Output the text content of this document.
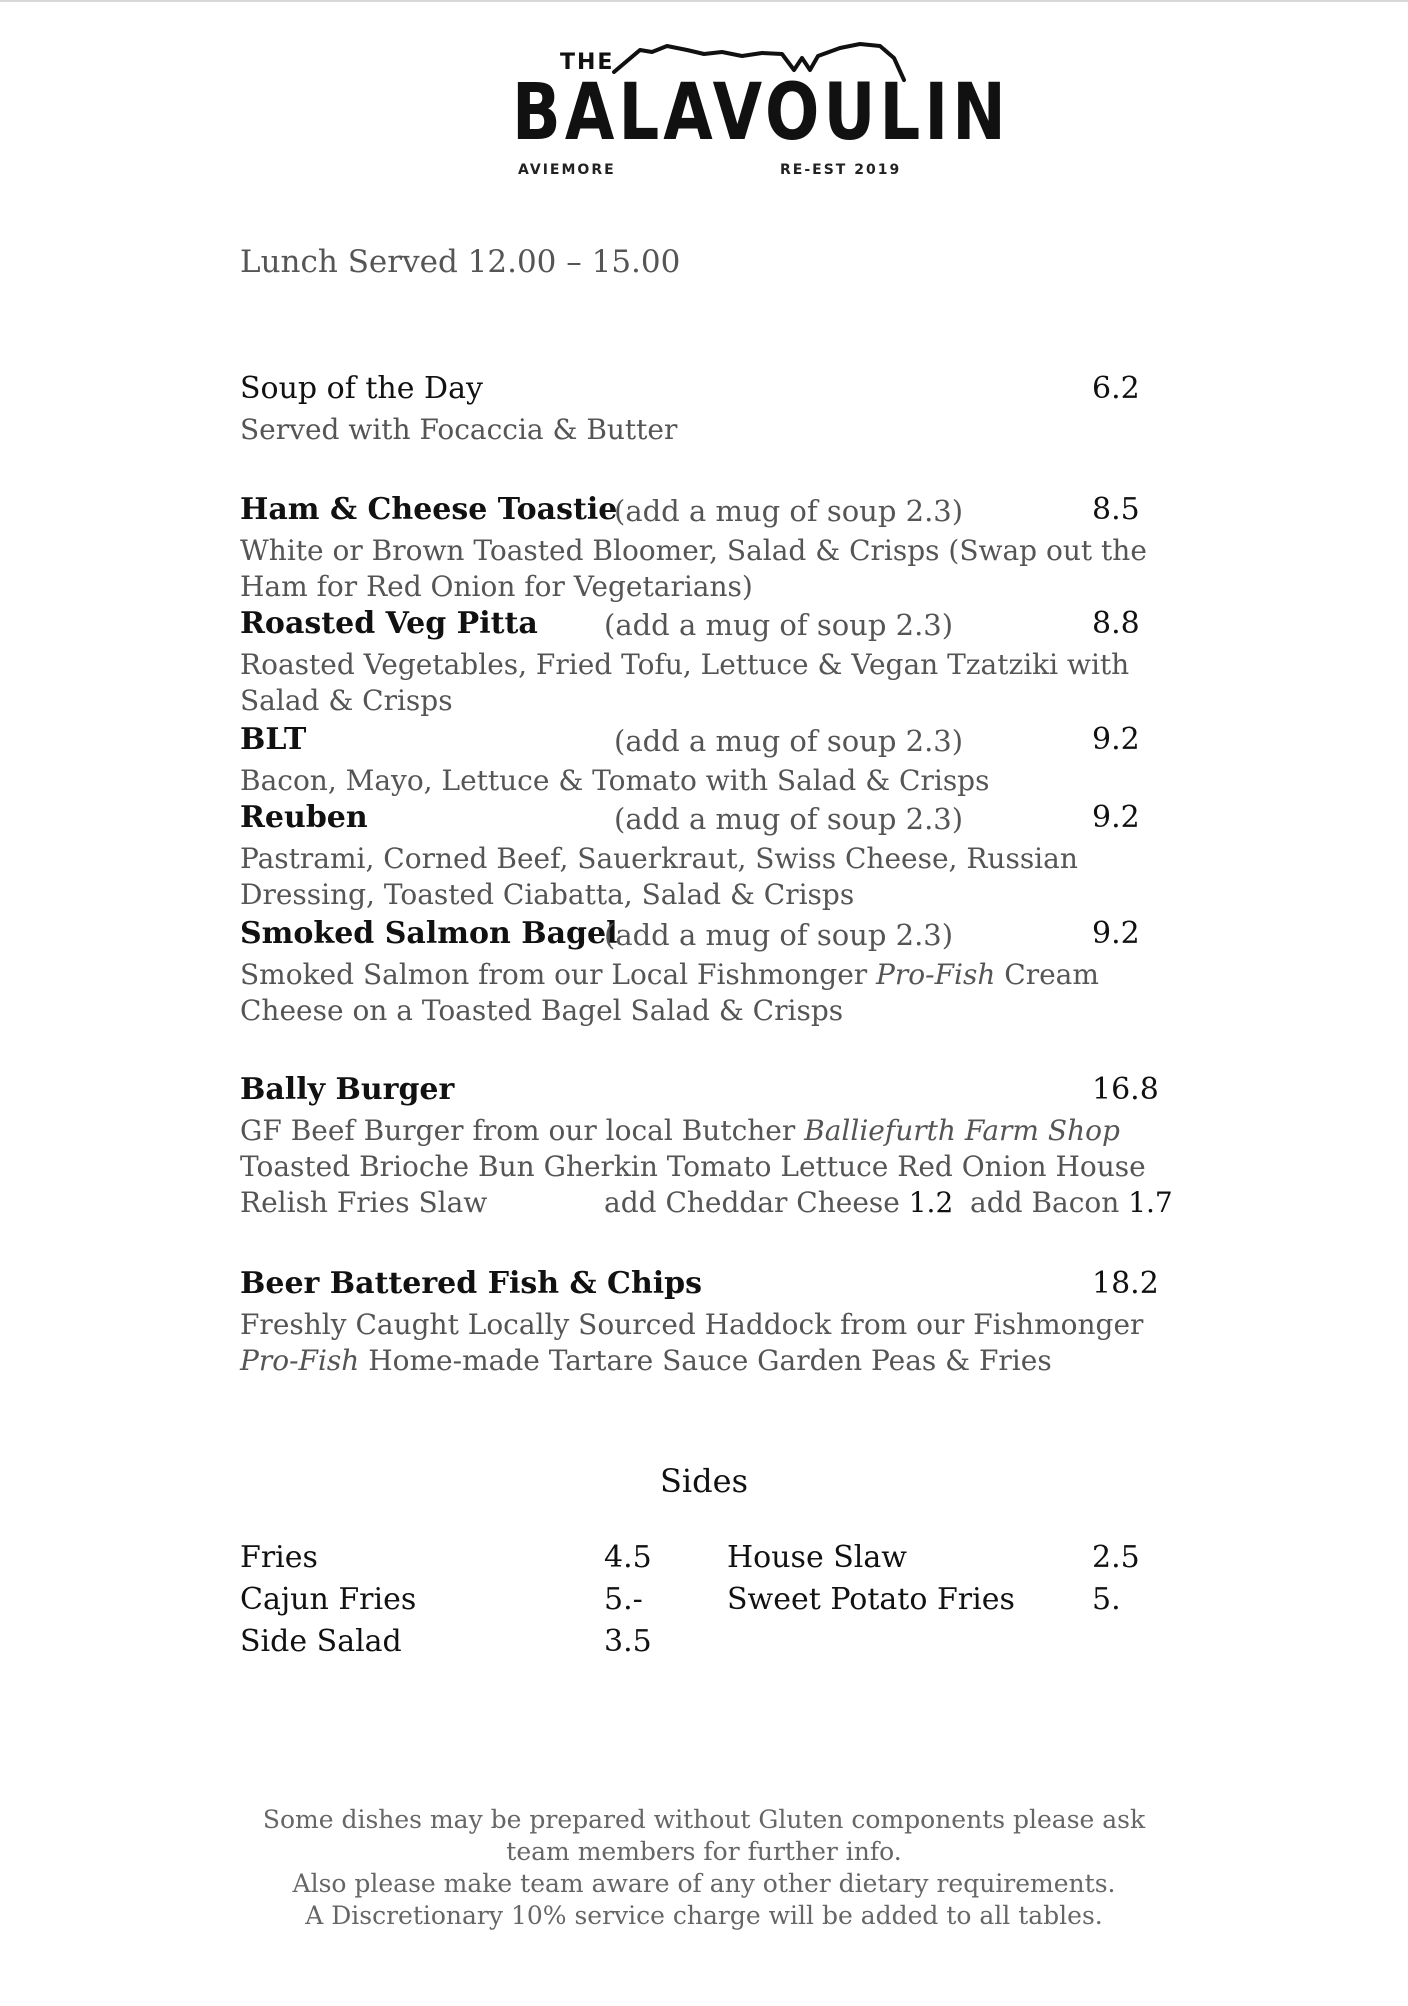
THE
BALAVOULIN
AVIEMORE	RE-EST 2019
Lunch Served 12.00 – 15.00
Soup of the Day	6.2
Served with Focaccia & Butter
Ham & Cheese Toastie
(add a mug of soup 2.3)	8.5
White or Brown Toasted Bloomer, Salad & Crisps (Swap out the Ham for Red Onion for Vegetarians)
Roasted Veg Pitta (add a mug of soup 2.3)	8.8
Roasted Vegetables, Fried Tofu, Lettuce & Vegan Tzatziki with Salad & Crisps
BLT	(add a mug of soup 2.3)	9.2
Bacon, Mayo, Lettuce & Tomato with Salad & Crisps
Reuben	(add a mug of soup 2.3)	9.2
Pastrami, Corned Beef, Sauerkraut, Swiss Cheese, Russian Dressing, Toasted Ciabatta, Salad & Crisps
Smoked Salmon Bagel
(add a mug of soup 2.3)	9.2
Smoked Salmon from our Local Fishmonger Pro-Fish Cream Cheese on a Toasted Bagel Salad & Crisps
Bally Burger	16.8
GF Beef Burger from our local Butcher Balliefurth Farm Shop Toasted Brioche Bun Gherkin Tomato Lettuce Red Onion House Relish Fries Slaw	add Cheddar Cheese 1.2 add Bacon 1.7
Beer Battered Fish & Chips	18.2
Freshly Caught Locally Sourced Haddock from our Fishmonger Pro-Fish Home-made Tartare Sauce Garden Peas & Fries
Sides
Fries	4.5
Cajun Fries	5.-
Side Salad	3.5
House Slaw	2.5
Sweet Potato Fries	5.
Some dishes may be prepared without Gluten components please ask team members for further info.
Also please make team aware of any other dietary requirements.
A Discretionary 10% service charge will be added to all tables.
